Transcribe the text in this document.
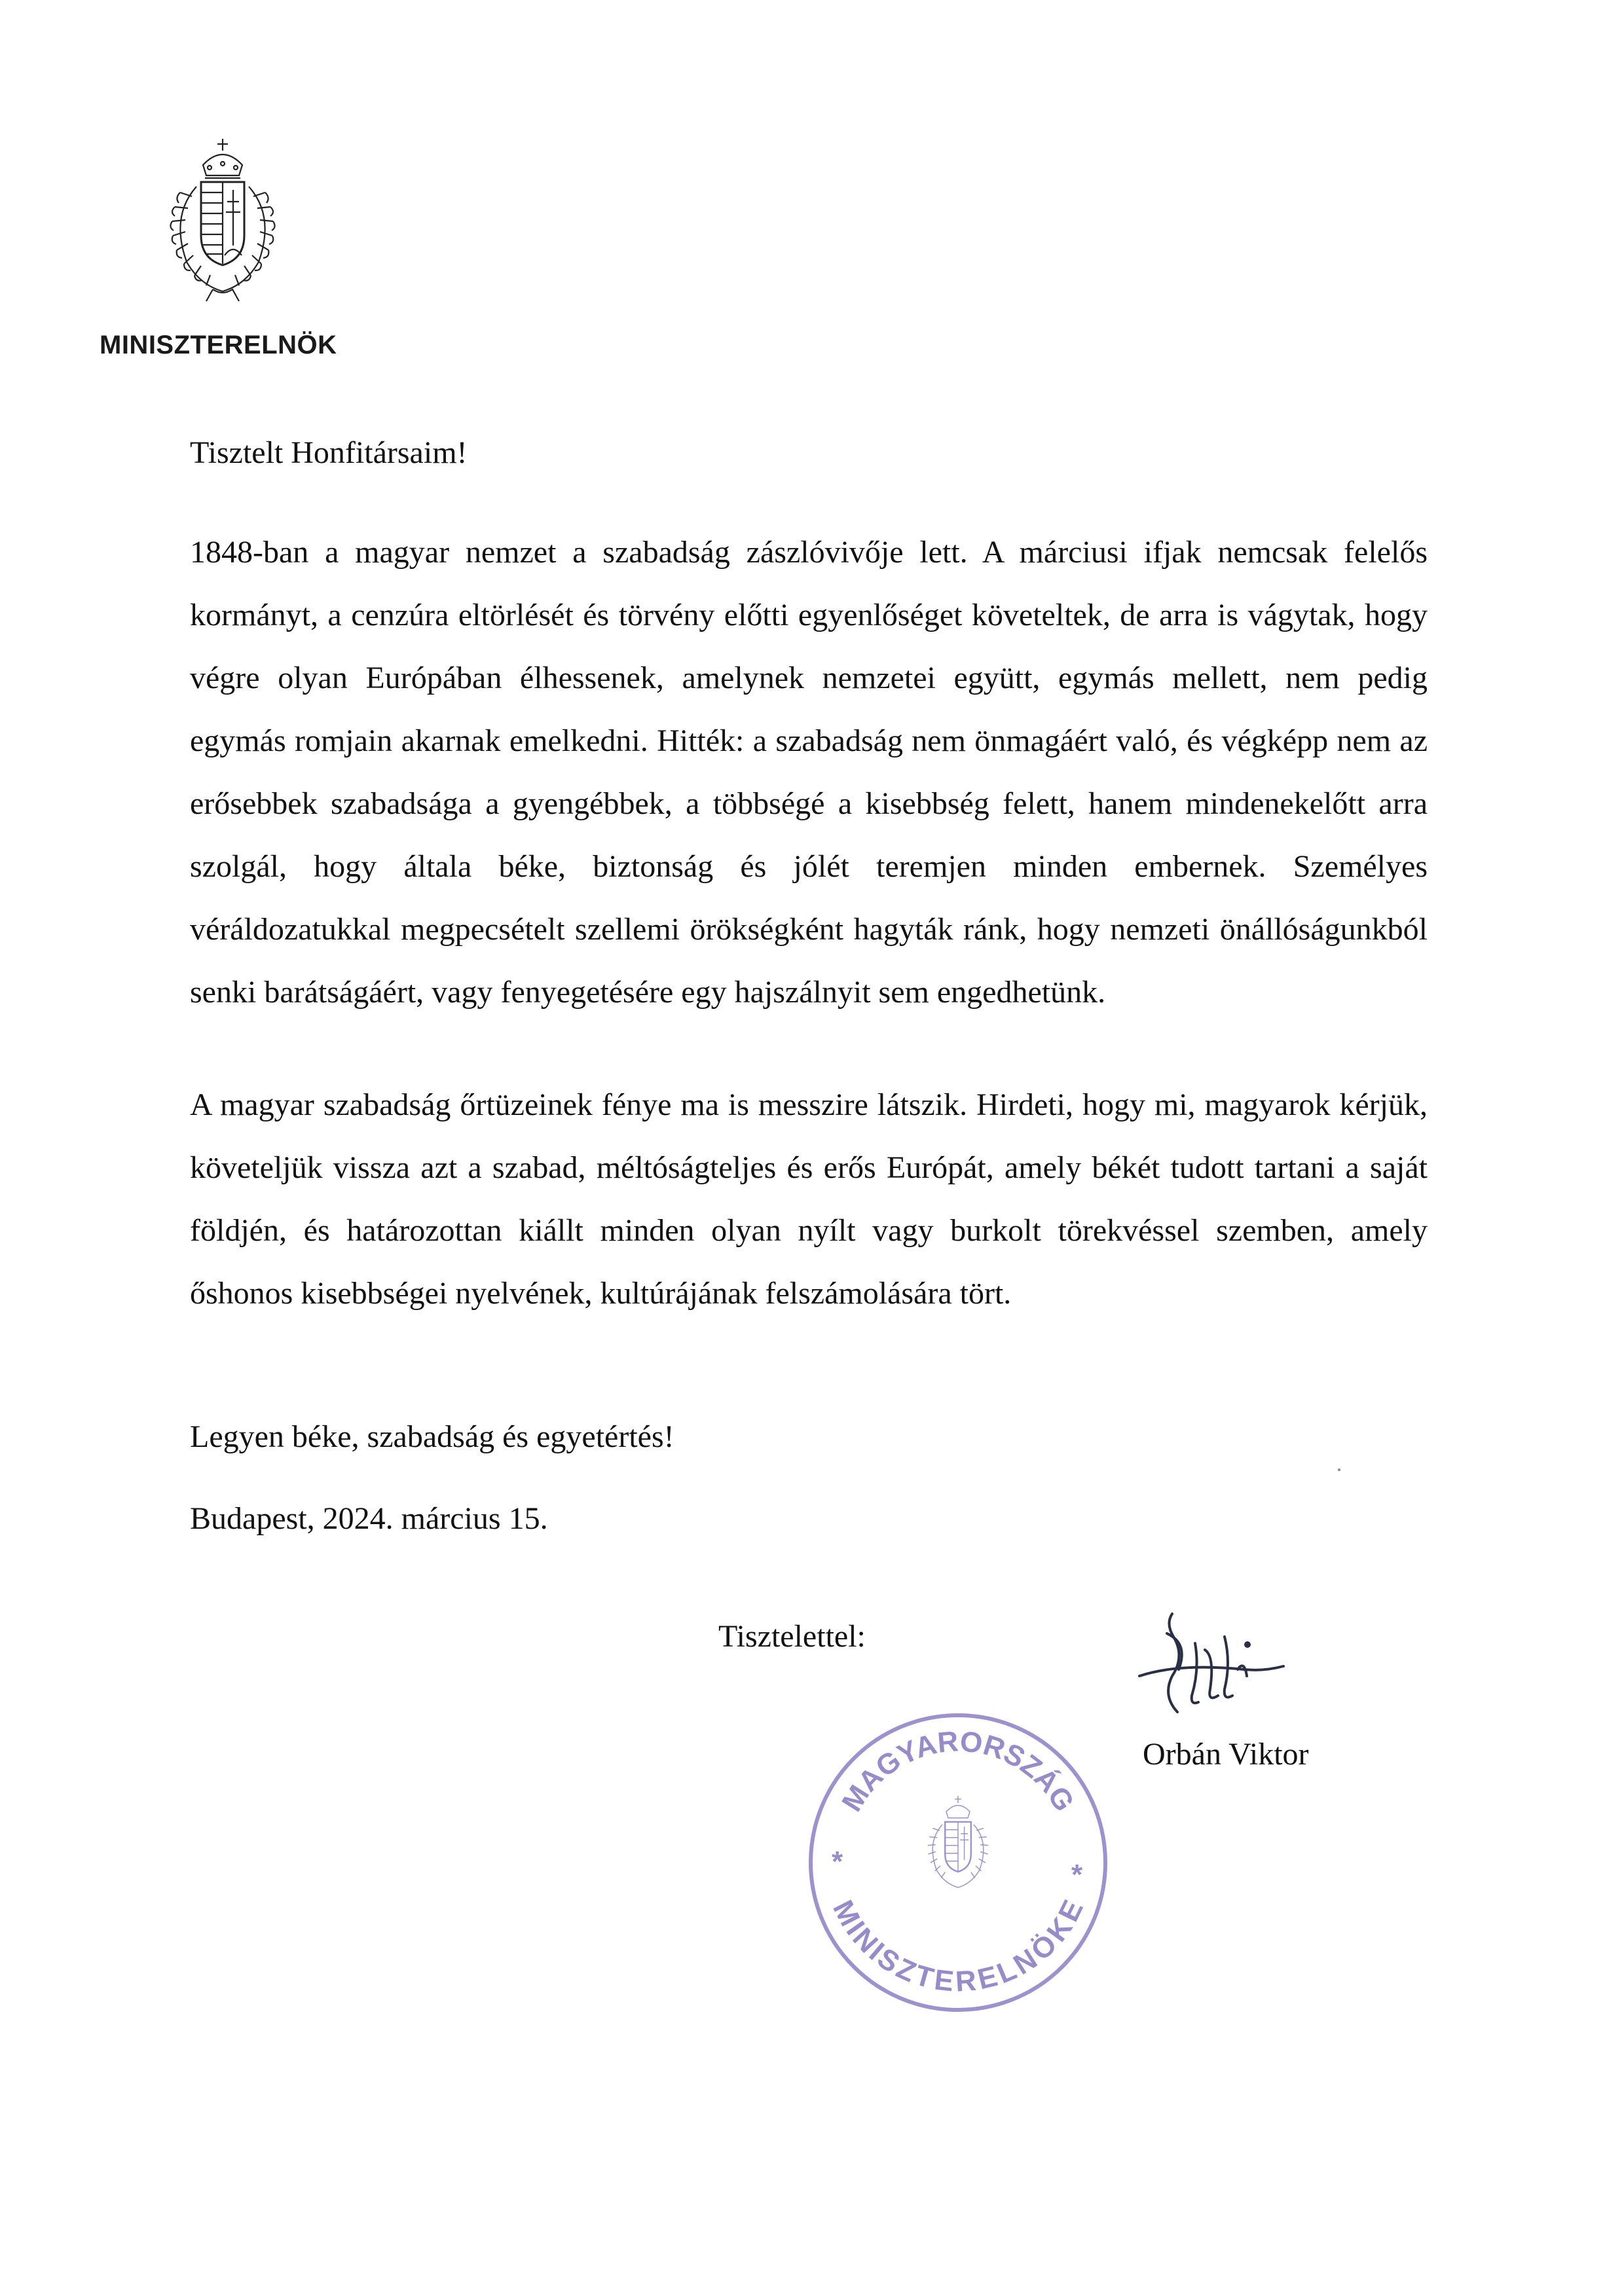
MINISZTERELNÖK
Tisztelt Honfitársaim!
1848-ban a magyar nemzet a szabadság zászlóvivője lett. A márciusi ifjak nemcsak felelős kormányt, a cenzúra eltörlését és törvény előtti egyenlőséget követeltek, de arra is vágytak, hogy végre olyan Európában élhessenek, amelynek nemzetei együtt, egymás mellett, nem pedig egymás romjain akarnak emelkedni. Hitték: a szabadság nem önmagáért való, és végképp nem az erősebbek szabadsága a gyengébbek, a többségé a kisebbség felett, hanem mindenekelőtt arra szolgál, hogy általa béke, biztonság és jólét teremjen minden embernek. Személyes véráldozatukkal megpecsételt szellemi örökségként hagyták ránk, hogy nemzeti önállóságunkból senki barátságáért, vagy fenyegetésére egy hajszálnyit sem engedhetünk.
A magyar szabadság őrtüzeinek fénye ma is messzire látszik. Hirdeti, hogy mi, magyarok kérjük, követeljük vissza azt a szabad, méltóságteljes és erős Európát, amely békét tudott tartani a saját földjén, és határozottan kiállt minden olyan nyílt vagy burkolt törekvéssel szemben, amely őshonos kisebbségei nyelvének, kultúrájának felszámolására tört.
Legyen béke, szabadság és egyetértés!
Budapest, 2024. március 15.
Tisztelettel:
Orbán Viktor
MAGYARORSZÁG
MINISZTERELNÖKE
*	*
